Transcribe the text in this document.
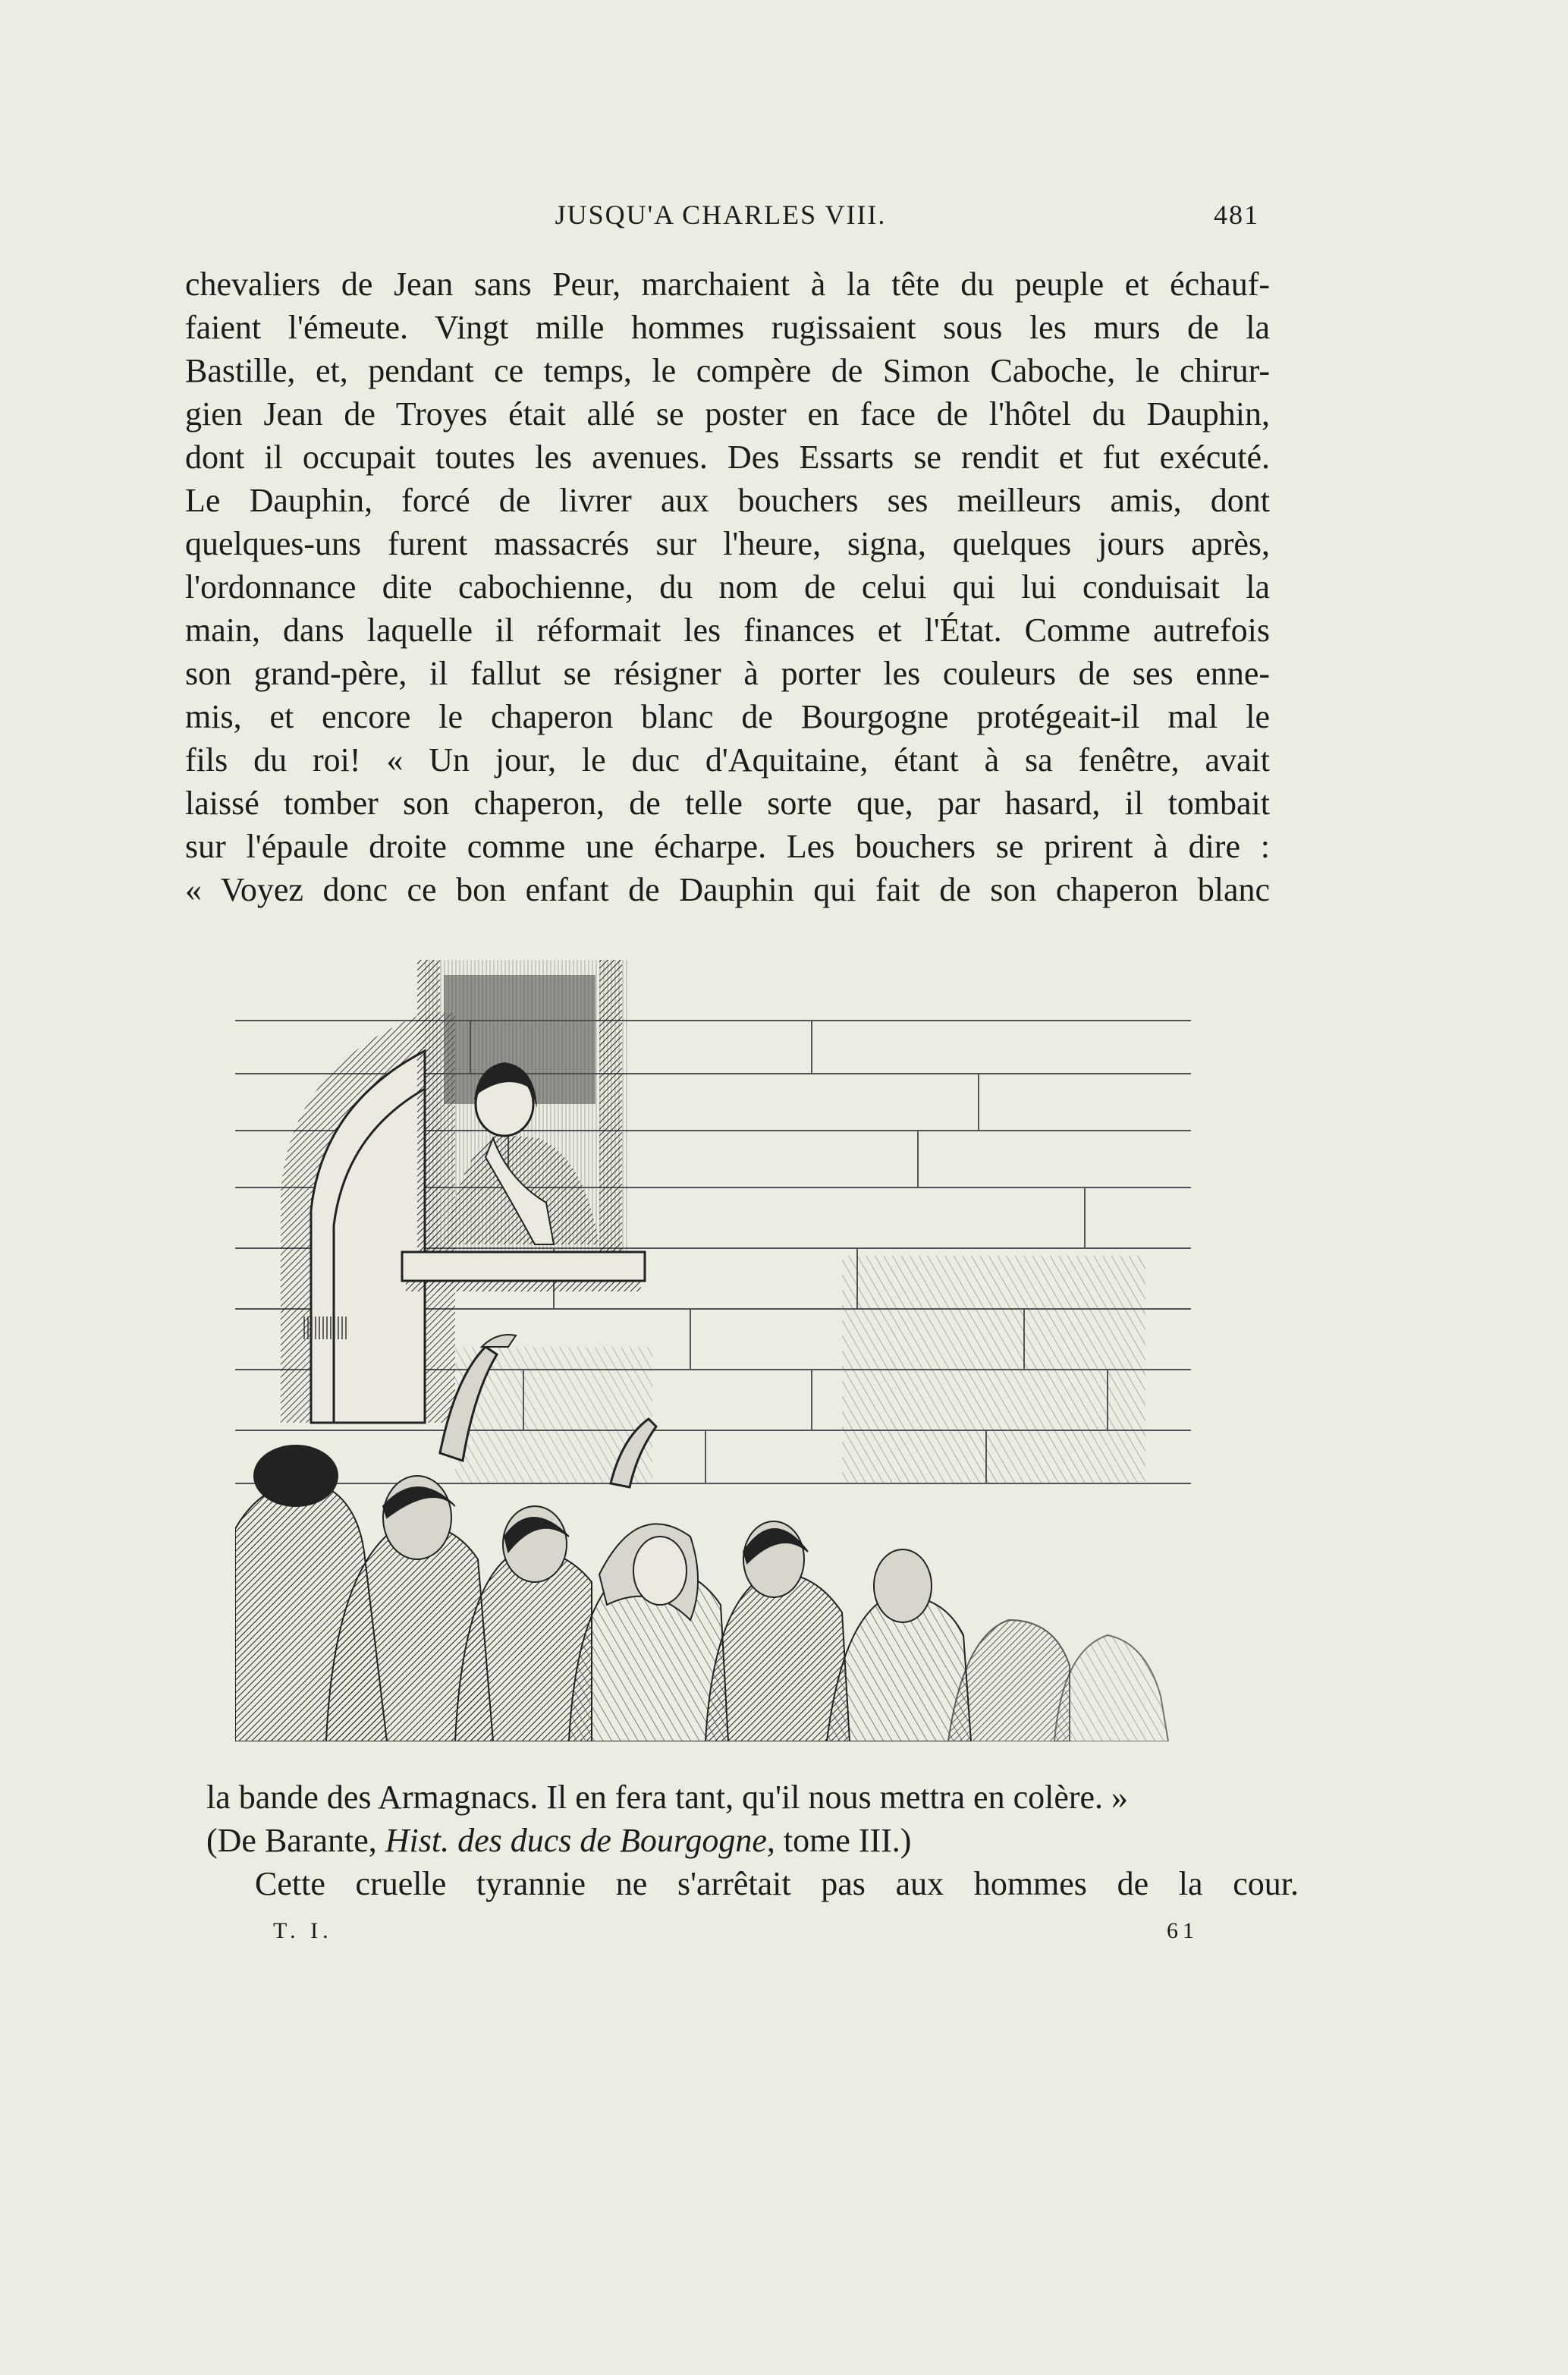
JUSQU'A CHARLES VIII.	481
chevaliers de Jean sans Peur, marchaient à la tête du peuple et échauf-
faient l'émeute. Vingt mille hommes rugissaient sous les murs de la
Bastille, et, pendant ce temps, le compère de Simon Caboche, le chirur-
gien Jean de Troyes était allé se poster en face de l'hôtel du Dauphin,
dont il occupait toutes les avenues. Des Essarts se rendit et fut exécuté.
Le Dauphin, forcé de livrer aux bouchers ses meilleurs amis, dont
quelques-uns furent massacrés sur l'heure, signa, quelques jours après,
l'ordonnance dite cabochienne, du nom de celui qui lui conduisait la
main, dans laquelle il réformait les finances et l'État. Comme autrefois
son grand-père, il fallut se résigner à porter les couleurs de ses enne-
mis, et encore le chaperon blanc de Bourgogne protégeait-il mal le
fils du roi! « Un jour, le duc d'Aquitaine, étant à sa fenêtre, avait
laissé tomber son chaperon, de telle sorte que, par hasard, il tombait
sur l'épaule droite comme une écharpe. Les bouchers se prirent à dire :
« Voyez donc ce bon enfant de Dauphin qui fait de son chaperon blanc
la bande des Armagnacs. Il en fera tant, qu'il nous mettra en colère. »
(De Barante, Hist. des ducs de Bourgogne, tome III.)
Cette cruelle tyrannie ne s'arrêtait pas aux hommes de la cour.
T. I.	61
